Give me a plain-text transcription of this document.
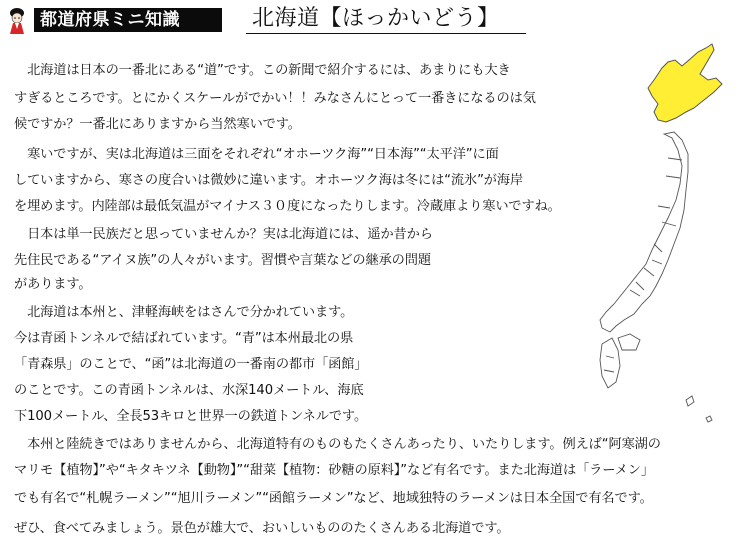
都道府県ミニ知識	北海道【ほっかいどう】
　北海道は日本の一番北にある“道”です。この新聞で紹介するには、あまりにも大き
すぎるところです。とにかくスケールがでかい！！みなさんにとって一番きになるのは気
候ですか？一番北にありますから当然寒いです。
　寒いですが、実は北海道は三面をそれぞれ“オホーツク海”“日本海”“太平洋”に面
していますから、寒さの度合いは微妙に違います。オホーツク海は冬には“流氷”が海岸
を埋めます。内陸部は最低気温がマイナス３０度になったりします。冷蔵庫より寒いですね。
　日本は単一民族だと思っていませんか？実は北海道には、遥か昔から
先住民である“アイヌ族”の人々がいます。習慣や言葉などの継承の問題
があります。
　北海道は本州と、津軽海峡をはさんで分かれています。
今は青函トンネルで結ばれています。“青”は本州最北の県
「青森県」のことで、“函”は北海道の一番南の都市「函館」
のことです。この青函トンネルは、水深140メートル、海底
下100メートル、全長53キロと世界一の鉄道トンネルです。
　本州と陸続きではありませんから、北海道特有のものもたくさんあったり、いたりします。例えば“阿寒湖の
マリモ【植物】”や“キタキツネ【動物】”“甜菜【植物：砂糖の原料】”など有名です。また北海道は「ラーメン」
でも有名で“札幌ラーメン”“旭川ラーメン”“函館ラーメン”など、地域独特のラーメンは日本全国で有名です。
ぜひ、食べてみましょう。景色が雄大で、おいしいもののたくさんある北海道です。
